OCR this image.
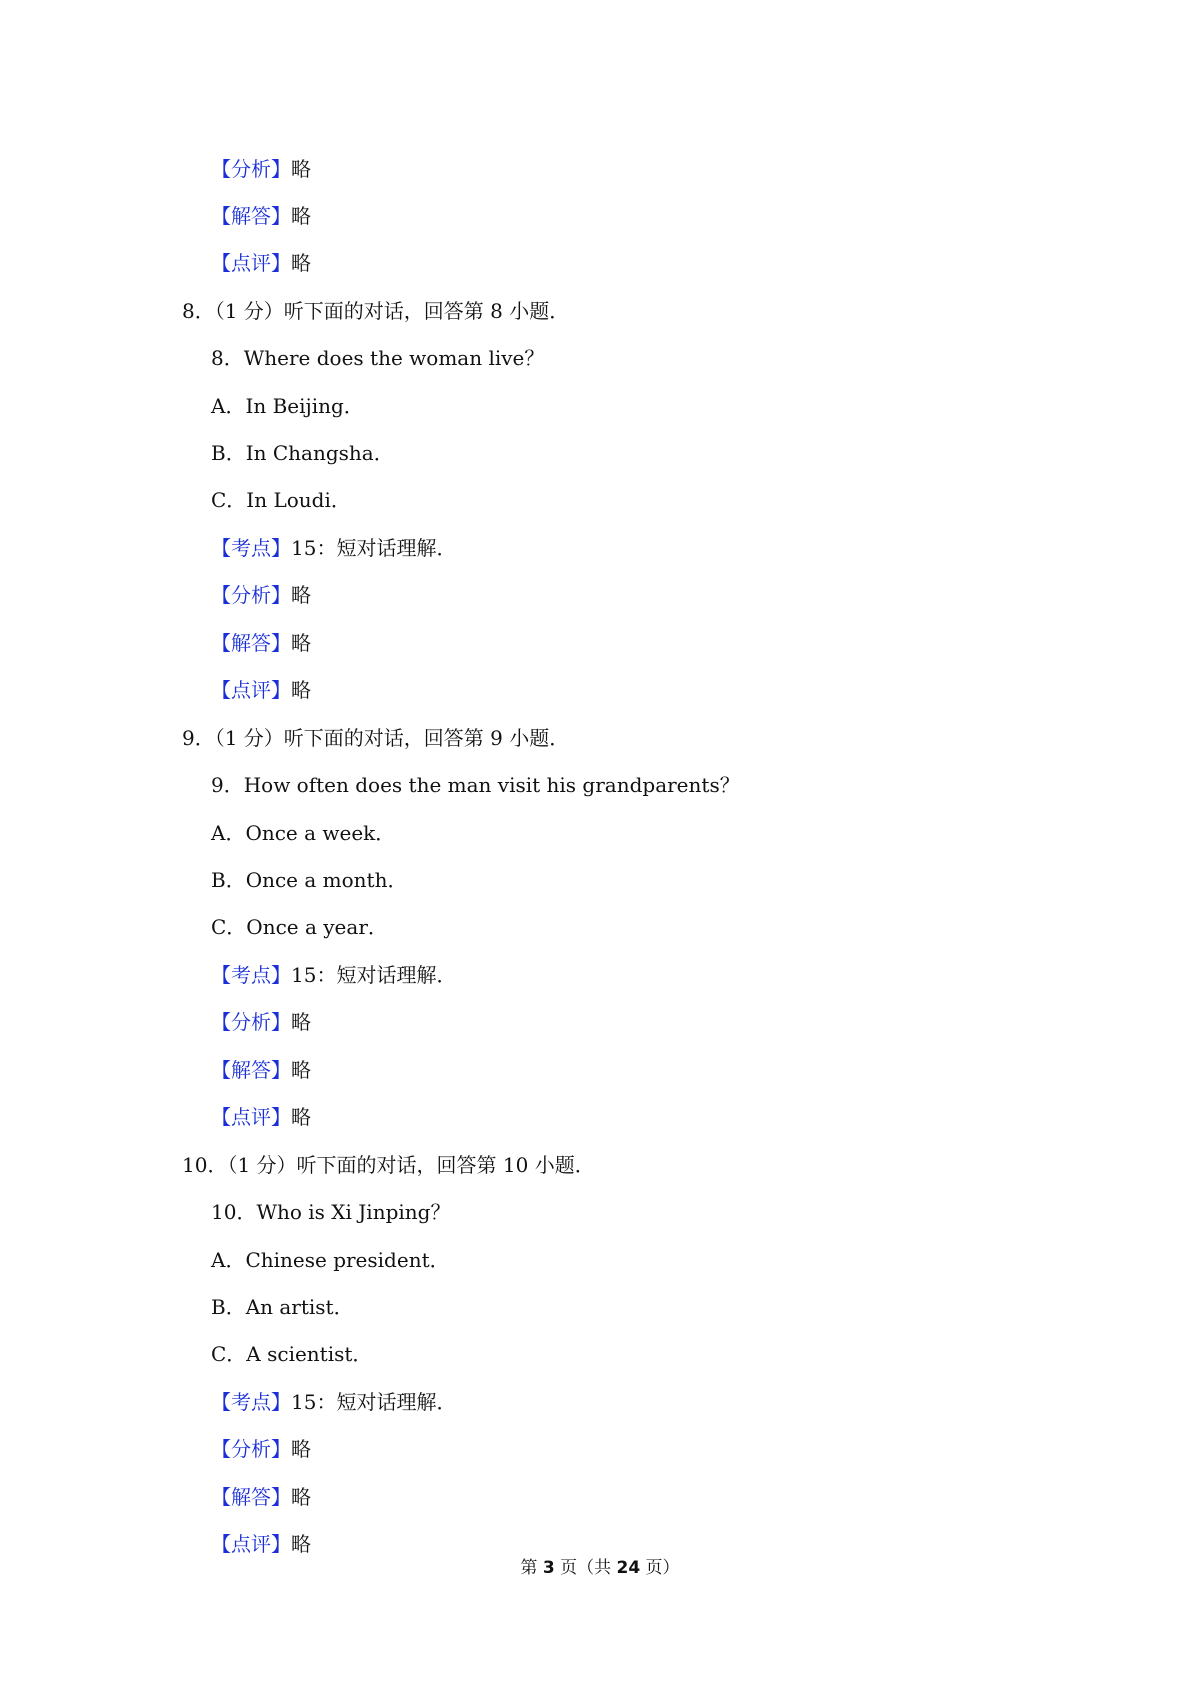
【分析】略
【解答】略
【点评】略
8．（1 分）听下面的对话，回答第 8 小题．
8．Where does the woman live？
A．In Beijing．
B．In Changsha．
C．In Loudi．
【考点】15：短对话理解．
【分析】略
【解答】略
【点评】略
9．（1 分）听下面的对话，回答第 9 小题．
9．How often does the man visit his grandparents？
A．Once a week．
B．Once a month．
C．Once a year．
【考点】15：短对话理解．
【分析】略
【解答】略
【点评】略
10．（1 分）听下面的对话，回答第 10 小题．
10．Who is Xi Jinping？
A．Chinese president．
B．An artist．
C．A scientist．
【考点】15：短对话理解．
【分析】略
【解答】略
【点评】略
第 3 页（共 24 页）
